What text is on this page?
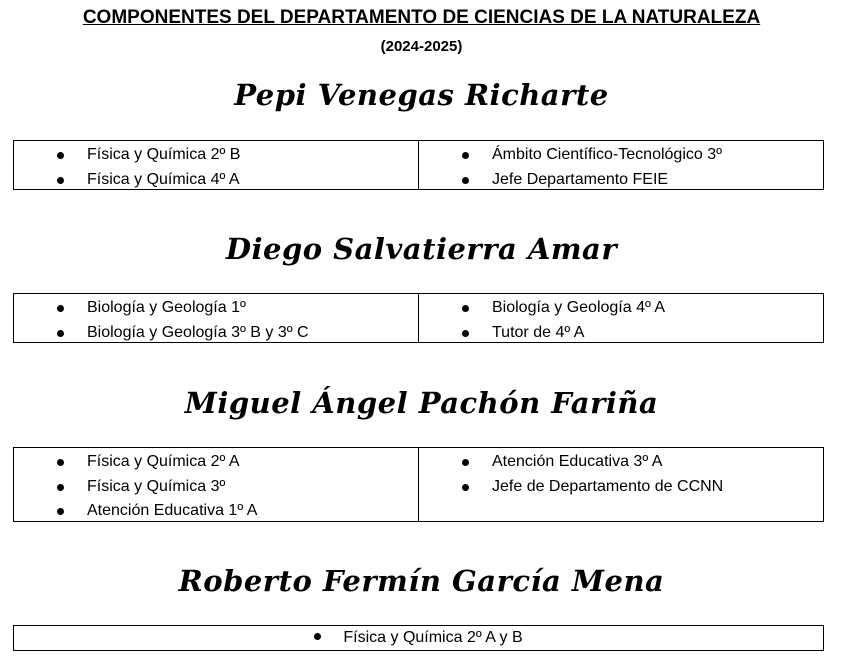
COMPONENTES DEL DEPARTAMENTO DE CIENCIAS DE LA NATURALEZA
(2024-2025)
Pepi Venegas Richarte
Física y Química 2º B
Física y Química 4º A
Ámbito Científico-Tecnológico 3º
Jefe Departamento FEIE
Diego Salvatierra Amar
Biología y Geología 1º
Biología y Geología 3º B y 3º C
Biología y Geología 4º A
Tutor de 4º A
Miguel Ángel Pachón Fariña
Física y Química 2º A
Física y Química 3º
Atención Educativa 1º A
Atención Educativa 3º A
Jefe de Departamento de CCNN
Roberto Fermín García Mena
Física y Química 2º A y B
